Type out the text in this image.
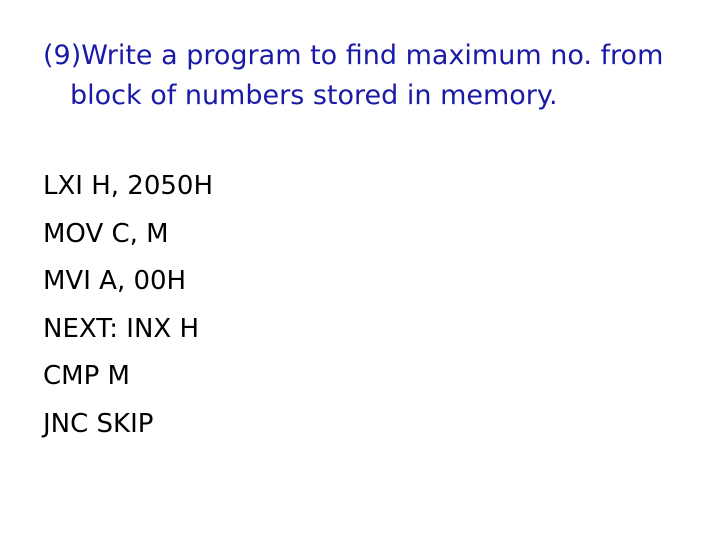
(9)Write a program to find maximum no. from
block of numbers stored in memory.
LXI H, 2050H
MOV C, M
MVI A, 00H
NEXT: INX H
CMP M
JNC SKIP
